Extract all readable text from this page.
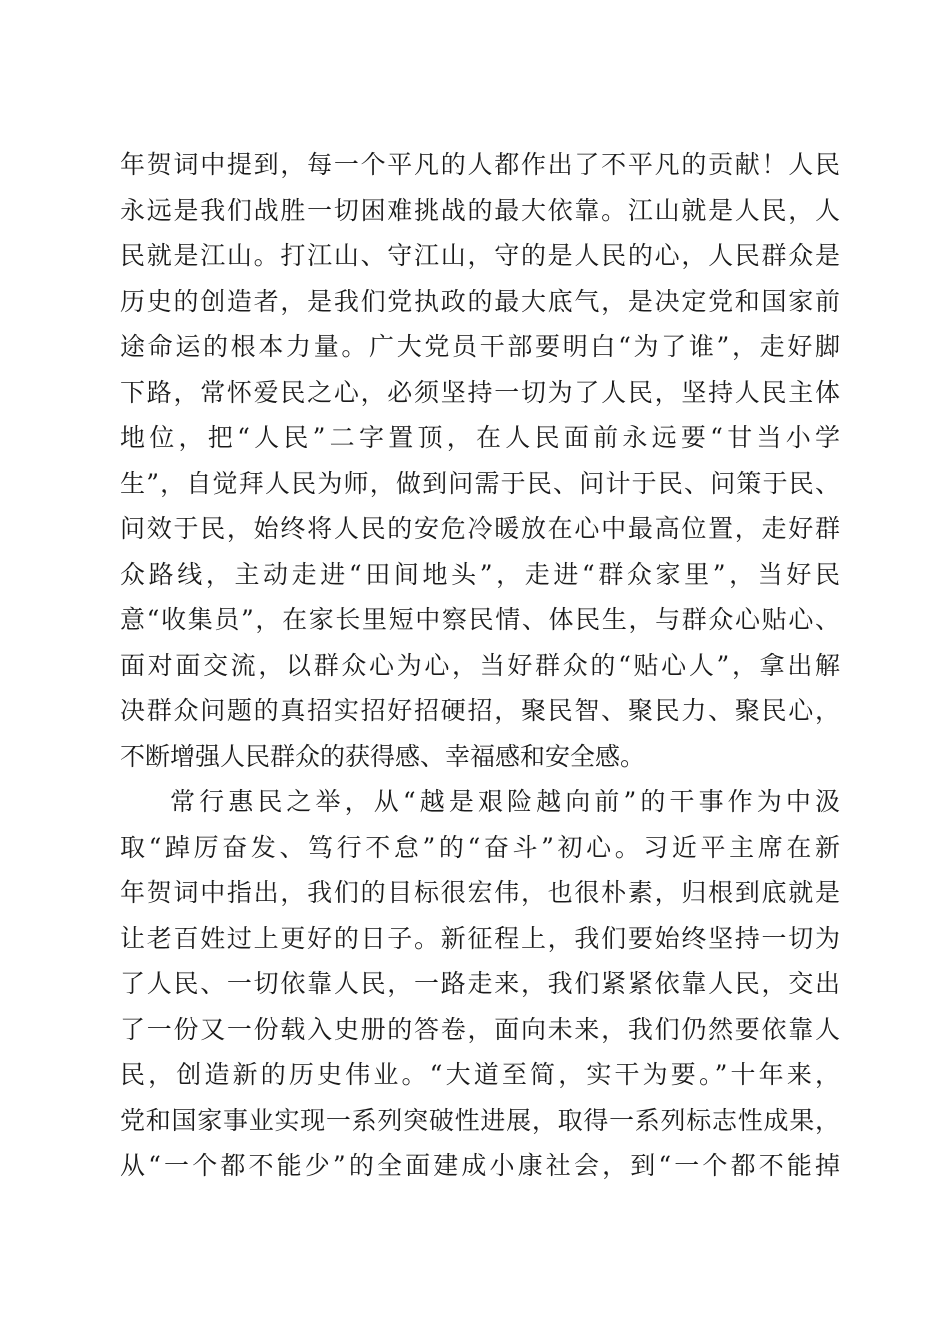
年贺词中提到，每一个平凡的人都作出了不平凡的贡献！人民
永远是我们战胜一切困难挑战的最大依靠。江山就是人民，人
民就是江山。打江山、守江山，守的是人民的心，人民群众是
历史的创造者，是我们党执政的最大底气，是决定党和国家前
途命运的根本力量。广大党员干部要明白“为了谁”，走好脚
下路，常怀爱民之心，必须坚持一切为了人民，坚持人民主体
地位，把“人民”二字置顶，在人民面前永远要“甘当小学
生”，自觉拜人民为师，做到问需于民、问计于民、问策于民、
问效于民，始终将人民的安危冷暖放在心中最高位置，走好群
众路线，主动走进“田间地头”，走进“群众家里”，当好民
意“收集员”，在家长里短中察民情、体民生，与群众心贴心、
面对面交流，以群众心为心，当好群众的“贴心人”，拿出解
决群众问题的真招实招好招硬招，聚民智、聚民力、聚民心，
不断增强人民群众的获得感、幸福感和安全感。
常行惠民之举，从“越是艰险越向前”的干事作为中汲
取“踔厉奋发、笃行不怠”的“奋斗”初心。习近平主席在新
年贺词中指出，我们的目标很宏伟，也很朴素，归根到底就是
让老百姓过上更好的日子。新征程上，我们要始终坚持一切为
了人民、一切依靠人民，一路走来，我们紧紧依靠人民，交出
了一份又一份载入史册的答卷，面向未来，我们仍然要依靠人
民，创造新的历史伟业。“大道至简，实干为要。”十年来，
党和国家事业实现一系列突破性进展，取得一系列标志性成果，
从“一个都不能少”的全面建成小康社会，到“一个都不能掉
